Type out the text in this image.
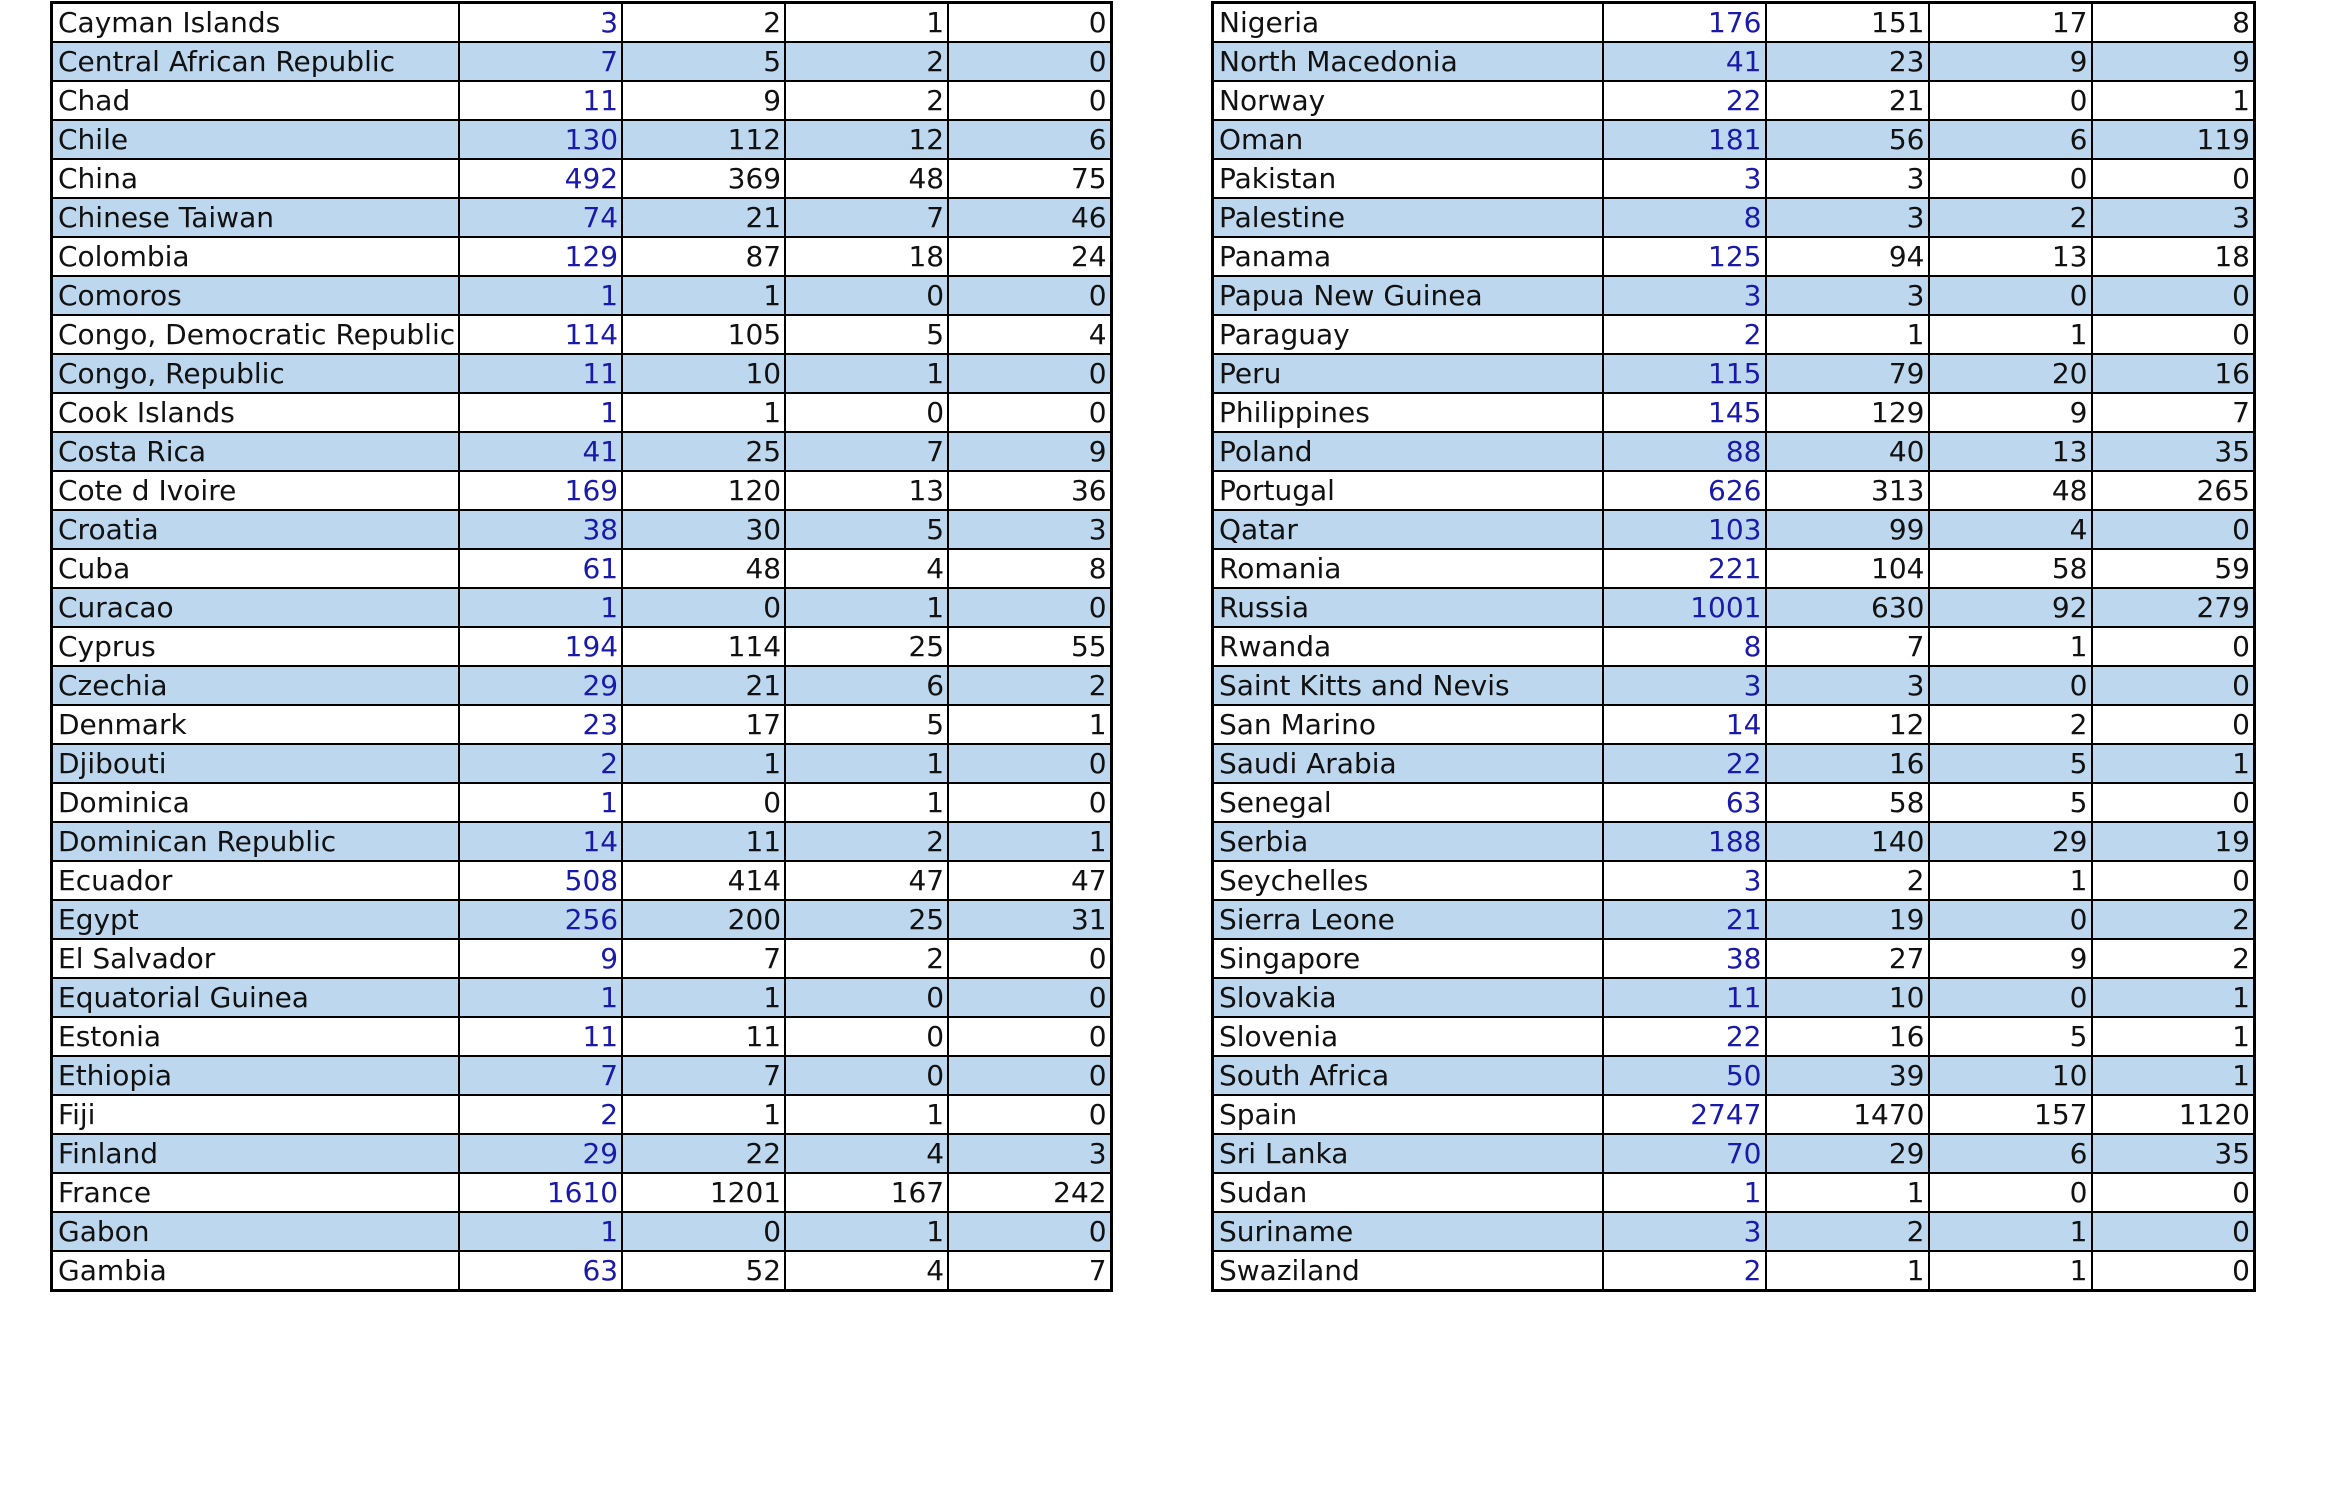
Cayman Islands	3	2	1	0
Central African Republic	7	5	2	0
Chad	11	9	2	0
Chile	130	112	12	6
China	492	369	48	75
Chinese Taiwan	74	21	7	46
Colombia	129	87	18	24
Comoros	1	1	0	0
Congo, Democratic Republic	114	105	5	4
Congo, Republic	11	10	1	0
Cook Islands	1	1	0	0
Costa Rica	41	25	7	9
Cote d Ivoire	169	120	13	36
Croatia	38	30	5	3
Cuba	61	48	4	8
Curacao	1	0	1	0
Cyprus	194	114	25	55
Czechia	29	21	6	2
Denmark	23	17	5	1
Djibouti	2	1	1	0
Dominica	1	0	1	0
Dominican Republic	14	11	2	1
Ecuador	508	414	47	47
Egypt	256	200	25	31
El Salvador	9	7	2	0
Equatorial Guinea	1	1	0	0
Estonia	11	11	0	0
Ethiopia	7	7	0	0
Fiji	2	1	1	0
Finland	29	22	4	3
France	1610	1201	167	242
Gabon	1	0	1	0
Gambia	63	52	4	7
Nigeria	176	151	17	8
North Macedonia	41	23	9	9
Norway	22	21	0	1
Oman	181	56	6	119
Pakistan	3	3	0	0
Palestine	8	3	2	3
Panama	125	94	13	18
Papua New Guinea	3	3	0	0
Paraguay	2	1	1	0
Peru	115	79	20	16
Philippines	145	129	9	7
Poland	88	40	13	35
Portugal	626	313	48	265
Qatar	103	99	4	0
Romania	221	104	58	59
Russia	1001	630	92	279
Rwanda	8	7	1	0
Saint Kitts and Nevis	3	3	0	0
San Marino	14	12	2	0
Saudi Arabia	22	16	5	1
Senegal	63	58	5	0
Serbia	188	140	29	19
Seychelles	3	2	1	0
Sierra Leone	21	19	0	2
Singapore	38	27	9	2
Slovakia	11	10	0	1
Slovenia	22	16	5	1
South Africa	50	39	10	1
Spain	2747	1470	157	1120
Sri Lanka	70	29	6	35
Sudan	1	1	0	0
Suriname	3	2	1	0
Swaziland	2	1	1	0
